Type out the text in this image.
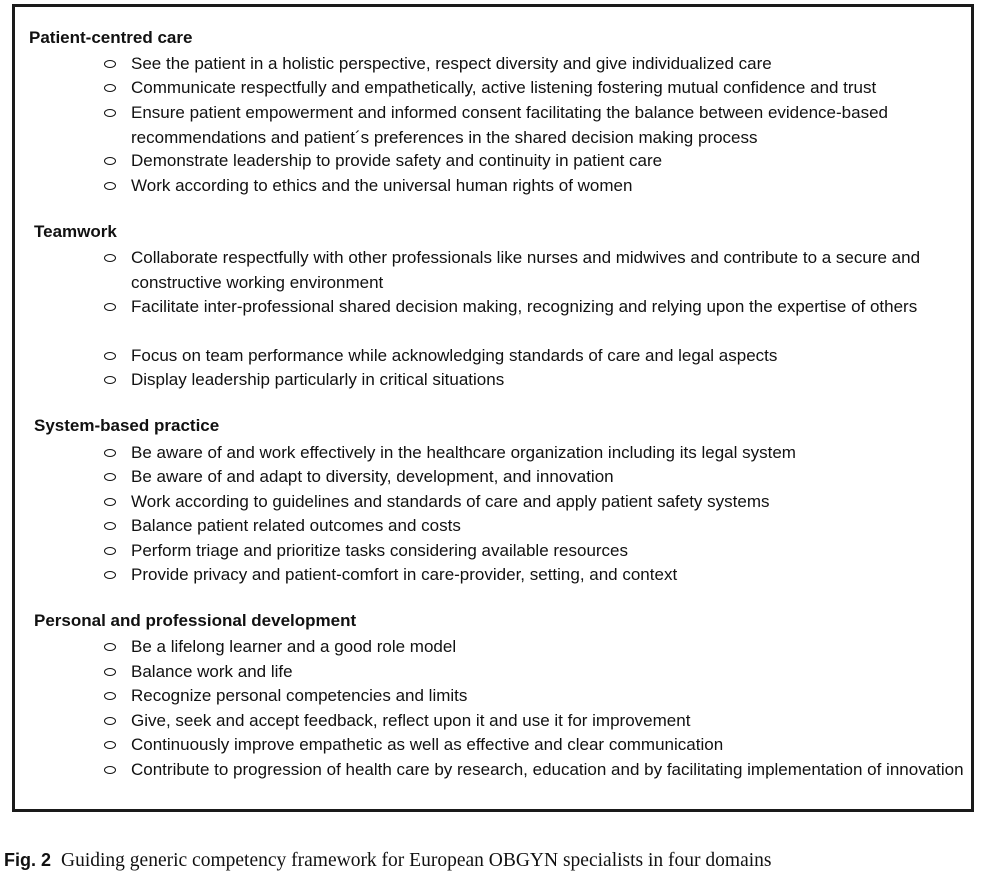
Patient-centred care
See the patient in a holistic perspective, respect diversity and give individualized care
Communicate respectfully and empathetically, active listening fostering mutual confidence and trust
Ensure patient empowerment and informed consent facilitating the balance between evidence-based recommendations and patient´s preferences in the shared decision making process
Demonstrate leadership to provide safety and continuity in patient care
Work according to ethics and the universal human rights of women
Teamwork
Collaborate respectfully with other professionals like nurses and midwives and contribute to a secure and constructive working environment
Facilitate inter-professional shared decision making, recognizing and relying upon the expertise of others
Focus on team performance while acknowledging standards of care and legal aspects
Display leadership particularly in critical situations
System-based practice
Be aware of and work effectively in the healthcare organization including its legal system
Be aware of and adapt to diversity, development, and innovation
Work according to guidelines and standards of care and apply patient safety systems
Balance patient related outcomes and costs
Perform triage and prioritize tasks considering available resources
Provide privacy and patient-comfort in care-provider, setting, and context
Personal and professional development
Be a lifelong learner and a good role model
Balance work and life
Recognize personal competencies and limits
Give, seek and accept feedback, reflect upon it and use it for improvement
Continuously improve empathetic as well as effective and clear communication
Contribute to progression of health care by research, education and by facilitating implementation of innovation
Fig. 2 Guiding generic competency framework for European OBGYN specialists in four domains
